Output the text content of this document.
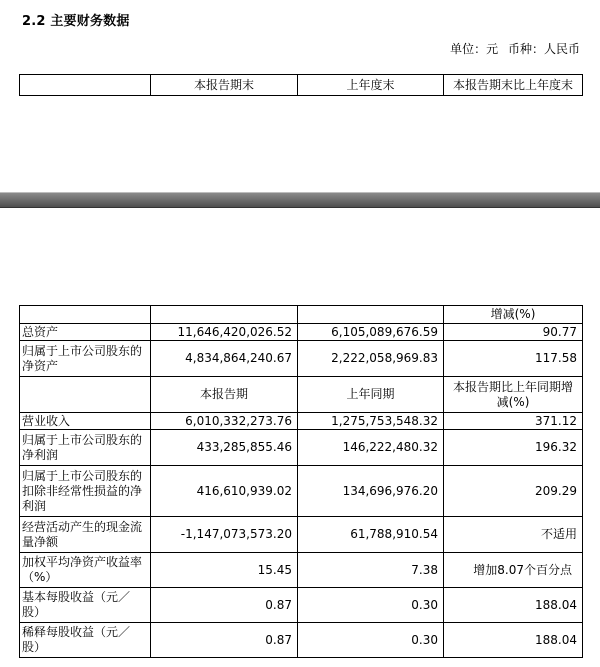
2.2 主要财务数据
单位：元 币种：人民币
	本报告期末	上年度末	本报告期末比上年度末
			增减(%)
总资产	11,646,420,026.52	6,105,089,676.59	90.77
归属于上市公司股东的净资产	4,834,864,240.67	2,222,058,969.83	117.58
	本报告期	上年同期	本报告期比上年同期增减(%)
营业收入	6,010,332,273.76	1,275,753,548.32	371.12
归属于上市公司股东的净利润	433,285,855.46	146,222,480.32	196.32
归属于上市公司股东的扣除非经常性损益的净利润	416,610,939.02	134,696,976.20	209.29
经营活动产生的现金流量净额	-1,147,073,573.20	61,788,910.54	不适用
加权平均净资产收益率（%）	15.45	7.38	增加8.07个百分点
基本每股收益（元／股）	0.87	0.30	188.04
稀释每股收益（元／股）	0.87	0.30	188.04
